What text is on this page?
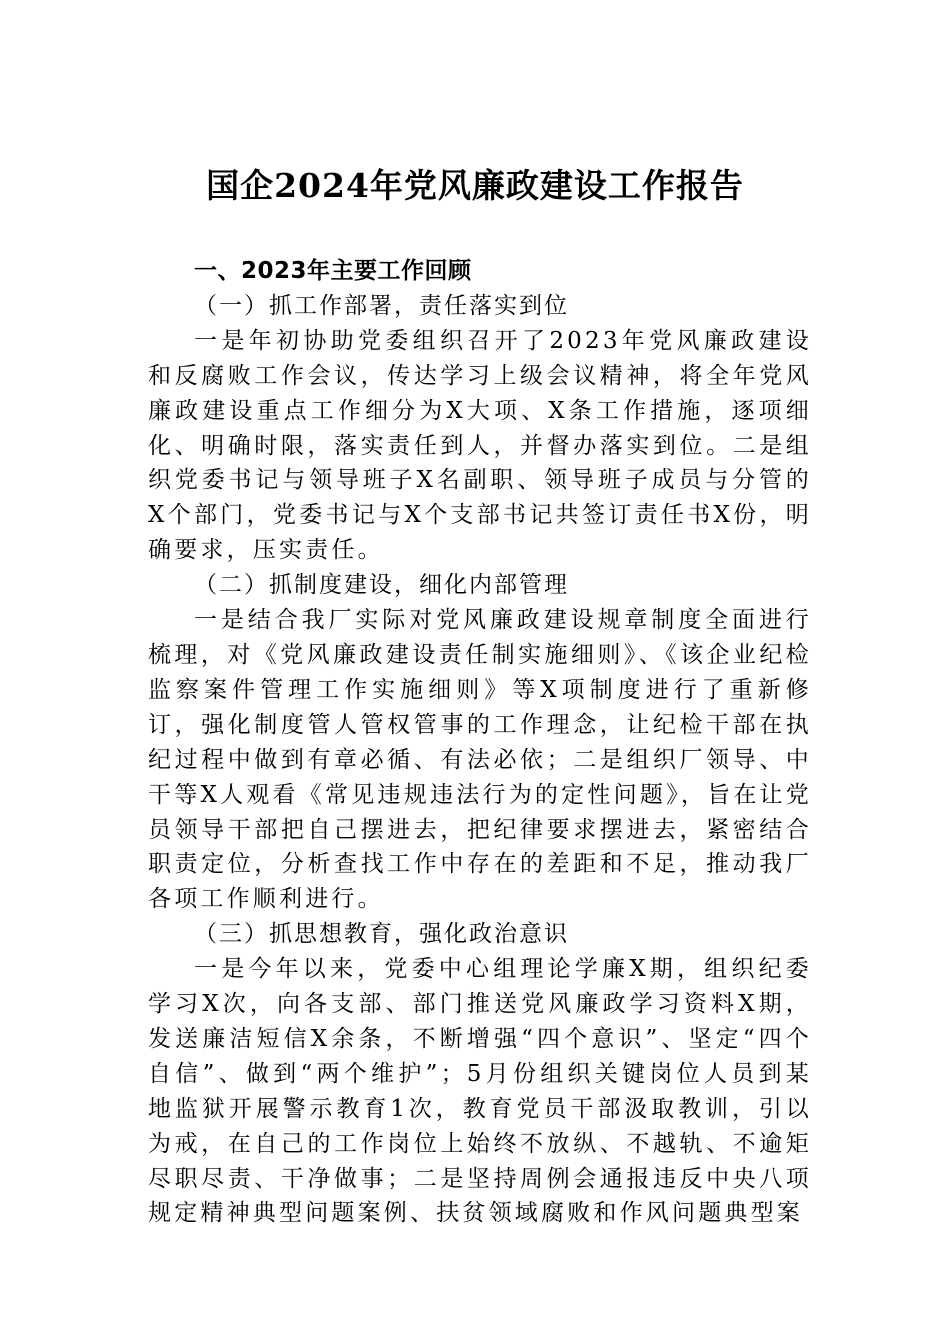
国企2024年党风廉政建设工作报告

一、2023年主要工作回顾

（一）抓工作部署，责任落实到位

一是年初协助党委组织召开了2023年党风廉政建设和反腐败工作会议，传达学习上级会议精神，将全年党风廉政建设重点工作细分为X大项、X条工作措施，逐项细化、明确时限，落实责任到人，并督办落实到位。二是组织党委书记与领导班子X名副职、领导班子成员与分管的X个部门，党委书记与X个支部书记共签订责任书X份，明确要求，压实责任。

（二）抓制度建设，细化内部管理

一是结合我厂实际对党风廉政建设规章制度全面进行梳理，对《党风廉政建设责任制实施细则》、《该企业纪检监察案件管理工作实施细则》等X项制度进行了重新修订，强化制度管人管权管事的工作理念，让纪检干部在执纪过程中做到有章必循、有法必依；二是组织厂领导、中干等X人观看《常见违规违法行为的定性问题》，旨在让党员领导干部把自己摆进去，把纪律要求摆进去，紧密结合职责定位，分析查找工作中存在的差距和不足，推动我厂各项工作顺利进行。

（三）抓思想教育，强化政治意识

一是今年以来，党委中心组理论学廉X期，组织纪委学习X次，向各支部、部门推送党风廉政学习资料X期，发送廉洁短信X余条，不断增强“四个意识”、坚定“四个自信”、做到“两个维护”；5月份组织关键岗位人员到某地监狱开展警示教育1次，教育党员干部汲取教训，引以为戒，在自己的工作岗位上始终不放纵、不越轨、不逾矩尽职尽责、干净做事；二是坚持周例会通报违反中央八项规定精神典型问题案例、扶贫领域腐败和作风问题典型案
